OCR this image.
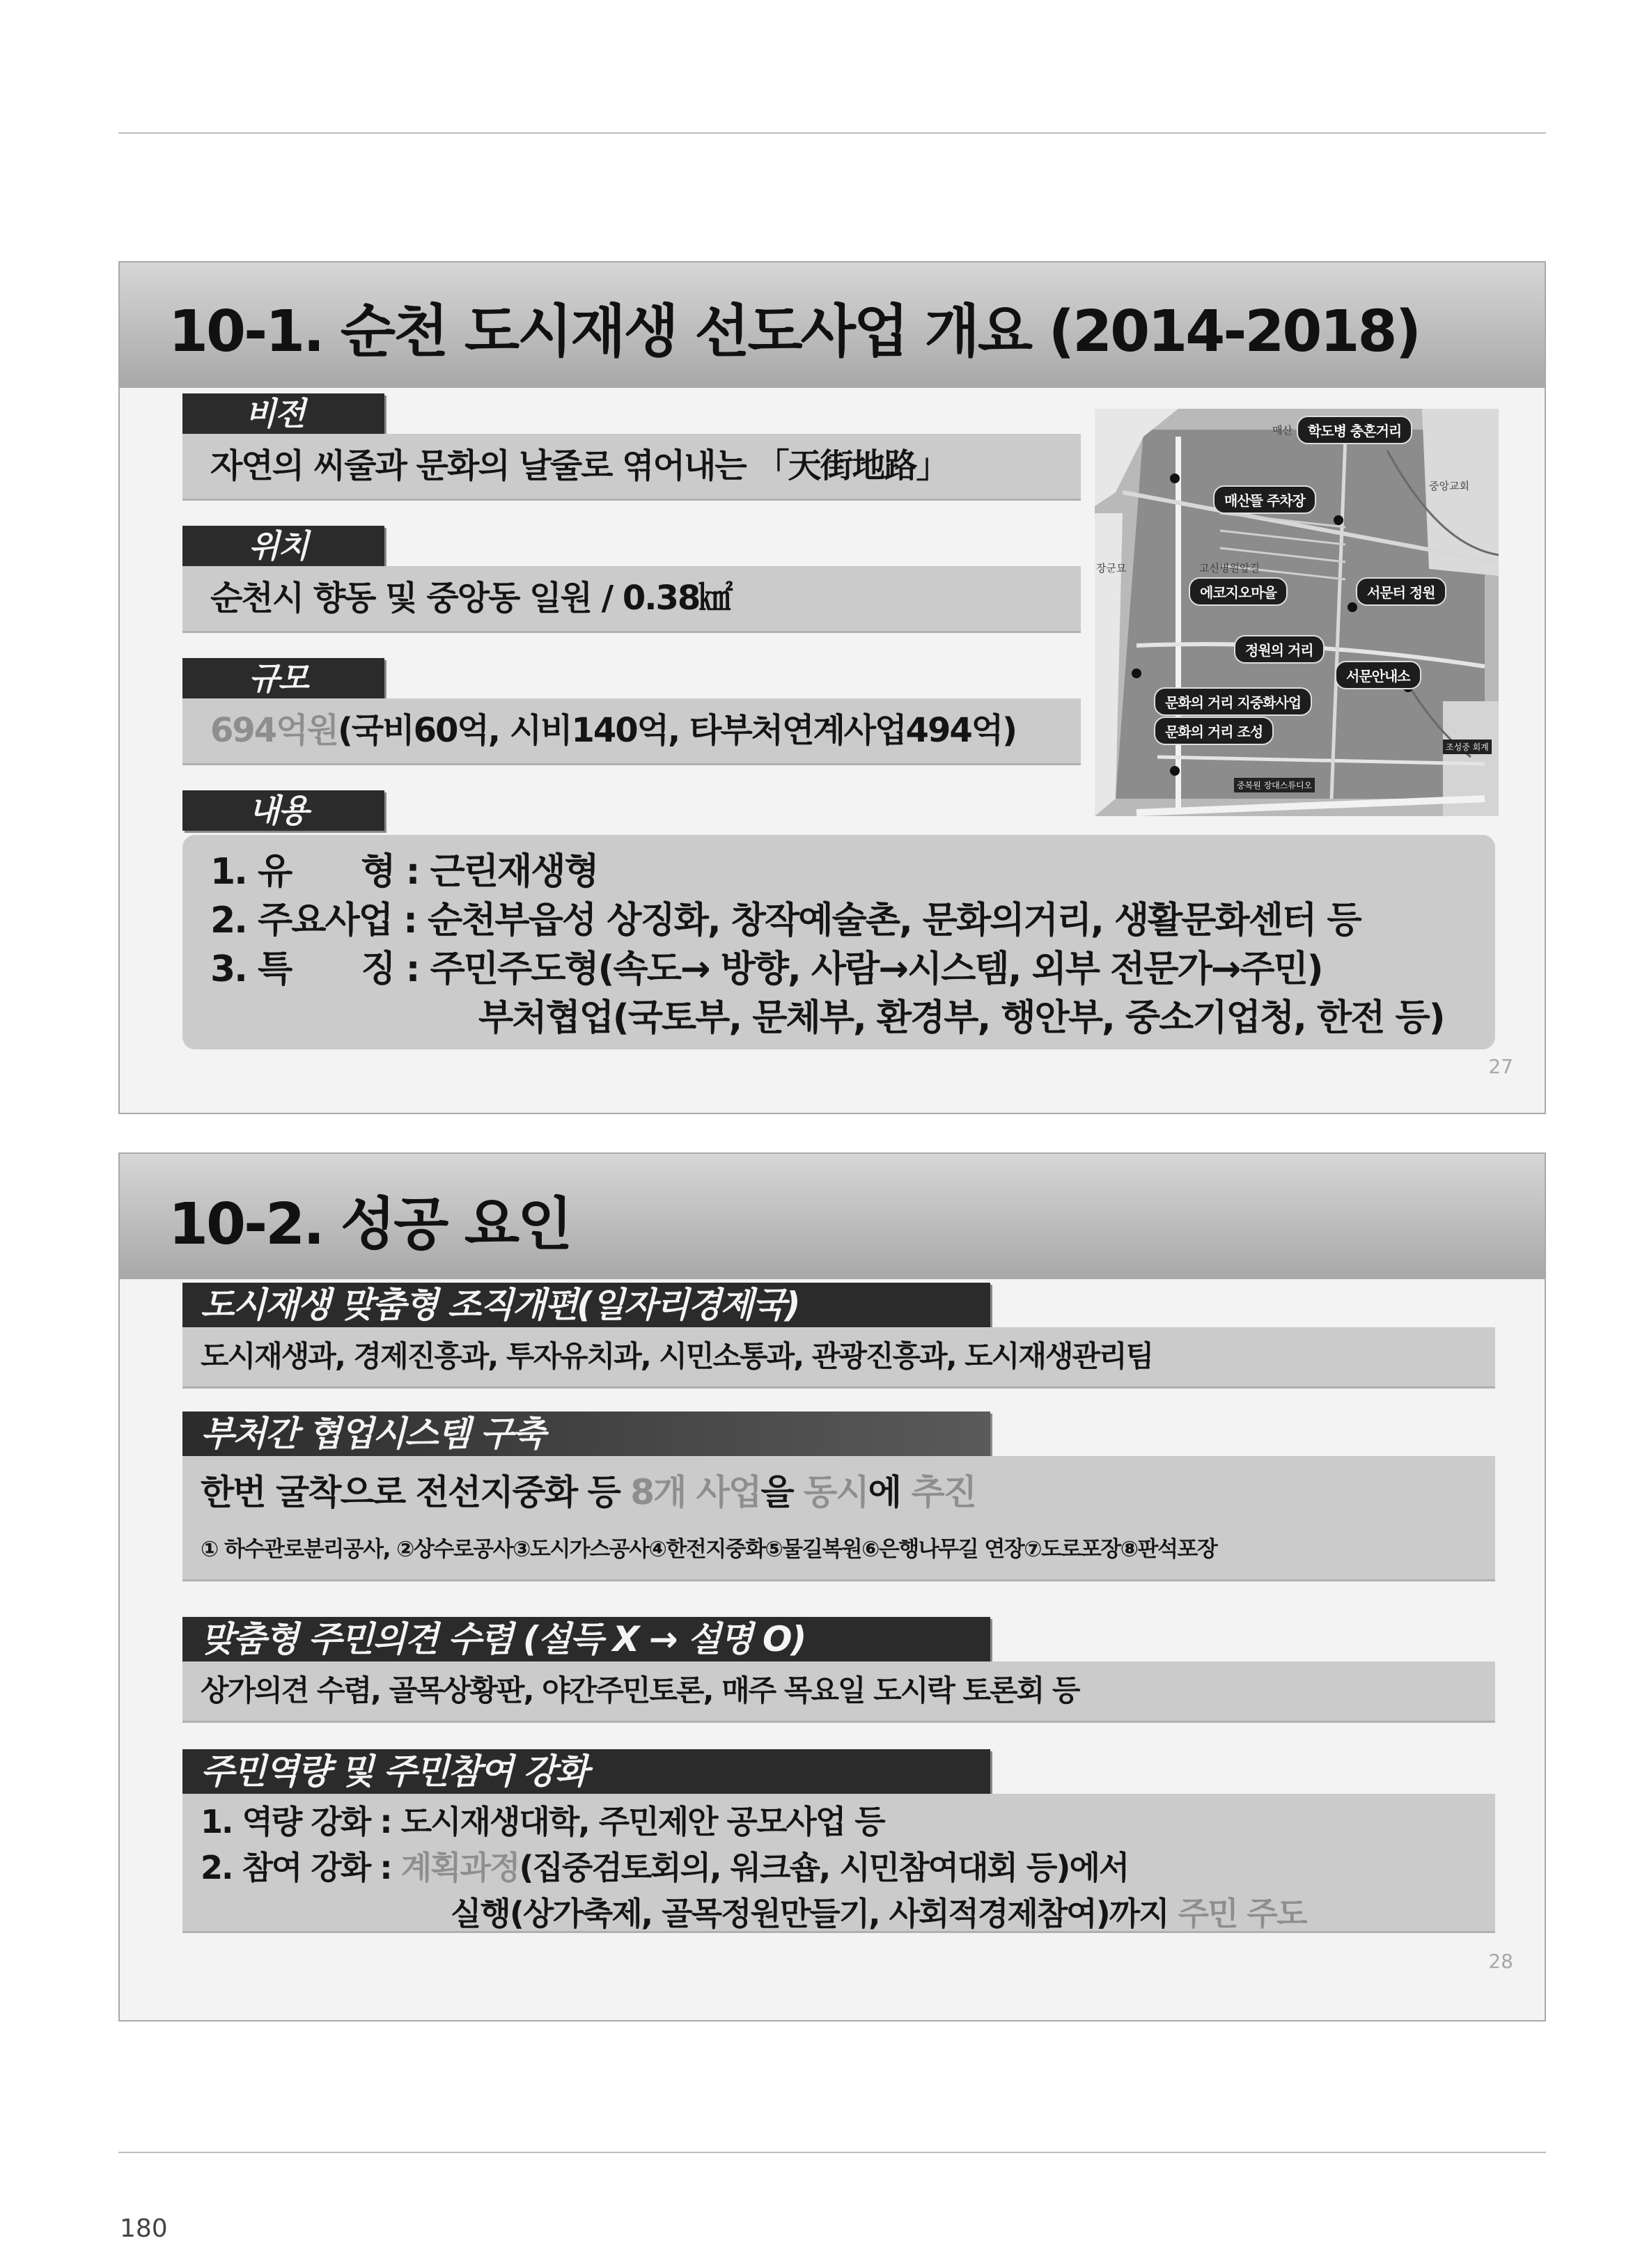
10-1. 순천 도시재생 선도사업 개요 (2014-2018)
비전
자연의 씨줄과 문화의 날줄로 엮어내는 「天街地路」
위치
순천시 향동 및 중앙동 일원 / 0.38㎢
규모
694억원(국비60억, 시비140억, 타부처연계사업494억)
내용
1. 유　　형 : 근린재생형
2. 주요사업 : 순천부읍성 상징화, 창작예술촌, 문화의거리, 생활문화센터 등
3. 특　　징 : 주민주도형(속도→ 방향, 사람→시스템, 외부 전문가→주민)
부처협업(국토부, 문체부, 환경부, 행안부, 중소기업청, 한전 등)
매산	학도병 충혼거리
중앙교회
매산뜰 주차장
장군묘	고신병원앞길
에코지오마을	서문터 정원
정원의 거리
서문안내소
문화의 거리 지중화사업
문화의 거리 조성
조성중 회계
중복원 장대스튜디오
27
10-2. 성공 요인
도시재생 맞춤형 조직개편(일자리경제국)
도시재생과, 경제진흥과, 투자유치과, 시민소통과, 관광진흥과, 도시재생관리팀
부처간 협업시스템 구축
한번 굴착으로 전선지중화 등 8개 사업을 동시에 추진
① 하수관로분리공사, ②상수로공사③도시가스공사④한전지중화⑤물길복원⑥은행나무길 연장⑦도로포장⑧판석포장
맞춤형 주민의견 수렴 (설득 X → 설명 O)
상가의견 수렴, 골목상황판, 야간주민토론, 매주 목요일 도시락 토론회 등
주민역량 및 주민참여 강화
1. 역량 강화 : 도시재생대학, 주민제안 공모사업 등
2. 참여 강화 : 계획과정(집중검토회의, 워크숍, 시민참여대회 등)에서
실행(상가축제, 골목정원만들기, 사회적경제참여)까지 주민 주도
28
180
